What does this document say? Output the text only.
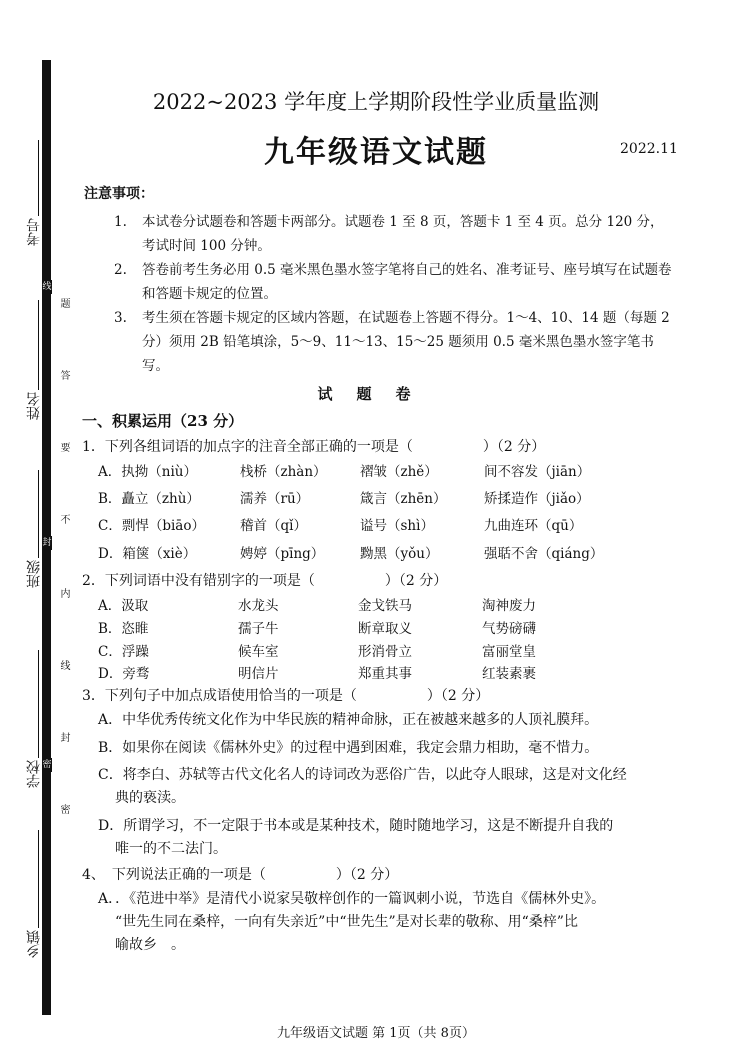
考号
姓名
班级
学校
乡镇
题
答
要
不
内
线
封
密
线
封
密
2022~2023 学年度上学期阶段性学业质量监测
九年级语文试题	2022.11
注意事项：
1. 本试卷分试题卷和答题卡两部分。试题卷 1 至 8 页，答题卡 1 至 4 页。总分 120 分，考试时间 100 分钟。
2. 答卷前考生务必用 0.5 毫米黑色墨水签字笔将自己的姓名、准考证号、座号填写在试题卷和答题卡规定的位置。
3. 考生须在答题卡规定的区域内答题，在试题卷上答题不得分。1～4、10、14 题（每题 2 分）须用 2B 铅笔填涂，5～9、11～13、15～25 题须用 0.5 毫米黑色墨水签字笔书写。
试题卷
一、积累运用（23 分）
1．下列各组词语的加点字的注音全部正确的一项是（　　　　　）（2 分）
A．执拗（niù）	栈桥（zhàn） 褶皱（zhě）	间不容发（jiān）
B．矗立（zhù）	濡养（rū）	箴言（zhēn）	矫揉造作（jiǎo）
C．剽悍（biāo）	稽首（qǐ）	谥号（shì）	九曲连环（qū）
D．箱箧（xiè）	娉婷（pīng）	黝黑（yǒu）	强聒不舍（qiáng）
2．下列词语中没有错别字的一项是（　　　　　）（2 分）
A．汲取	水龙头	金戈铁马	淘神废力
B．恣睢	孺子牛	断章取义	气势磅礴
C．浮躁	候车室	形消骨立	富丽堂皇
D．旁骛	明信片	郑重其事	红装素裹
3．下列句子中加点成语使用恰当的一项是（　　　　　）（2 分）
A．中华优秀传统文化作为中华民族的精神命脉，正在被越来越多的人顶礼膜拜。
B．如果你在阅读《儒林外史》的过程中遇到困难，我定会鼎力相助，毫不惜力。
C．将李白、苏轼等古代文化名人的诗词改为恶俗广告，以此夺人眼球，这是对文化经
典的亵渎。
D．所谓学习，不一定限于书本或是某种技术，随时随地学习，这是不断提升自我的
唯一的不二法门。
4、　下列说法正确的一项是（　　　　　）（2 分）
A．．《范进中举》是清代小说家吴敬梓创作的一篇讽刺小说，节选自《儒林外史》。
“世先生同在桑梓，一向有失亲近”中“世先生”是对长辈的敬称、用“桑梓”比
喻故乡　。
九年级语文试题 第 1页（共 8页）
